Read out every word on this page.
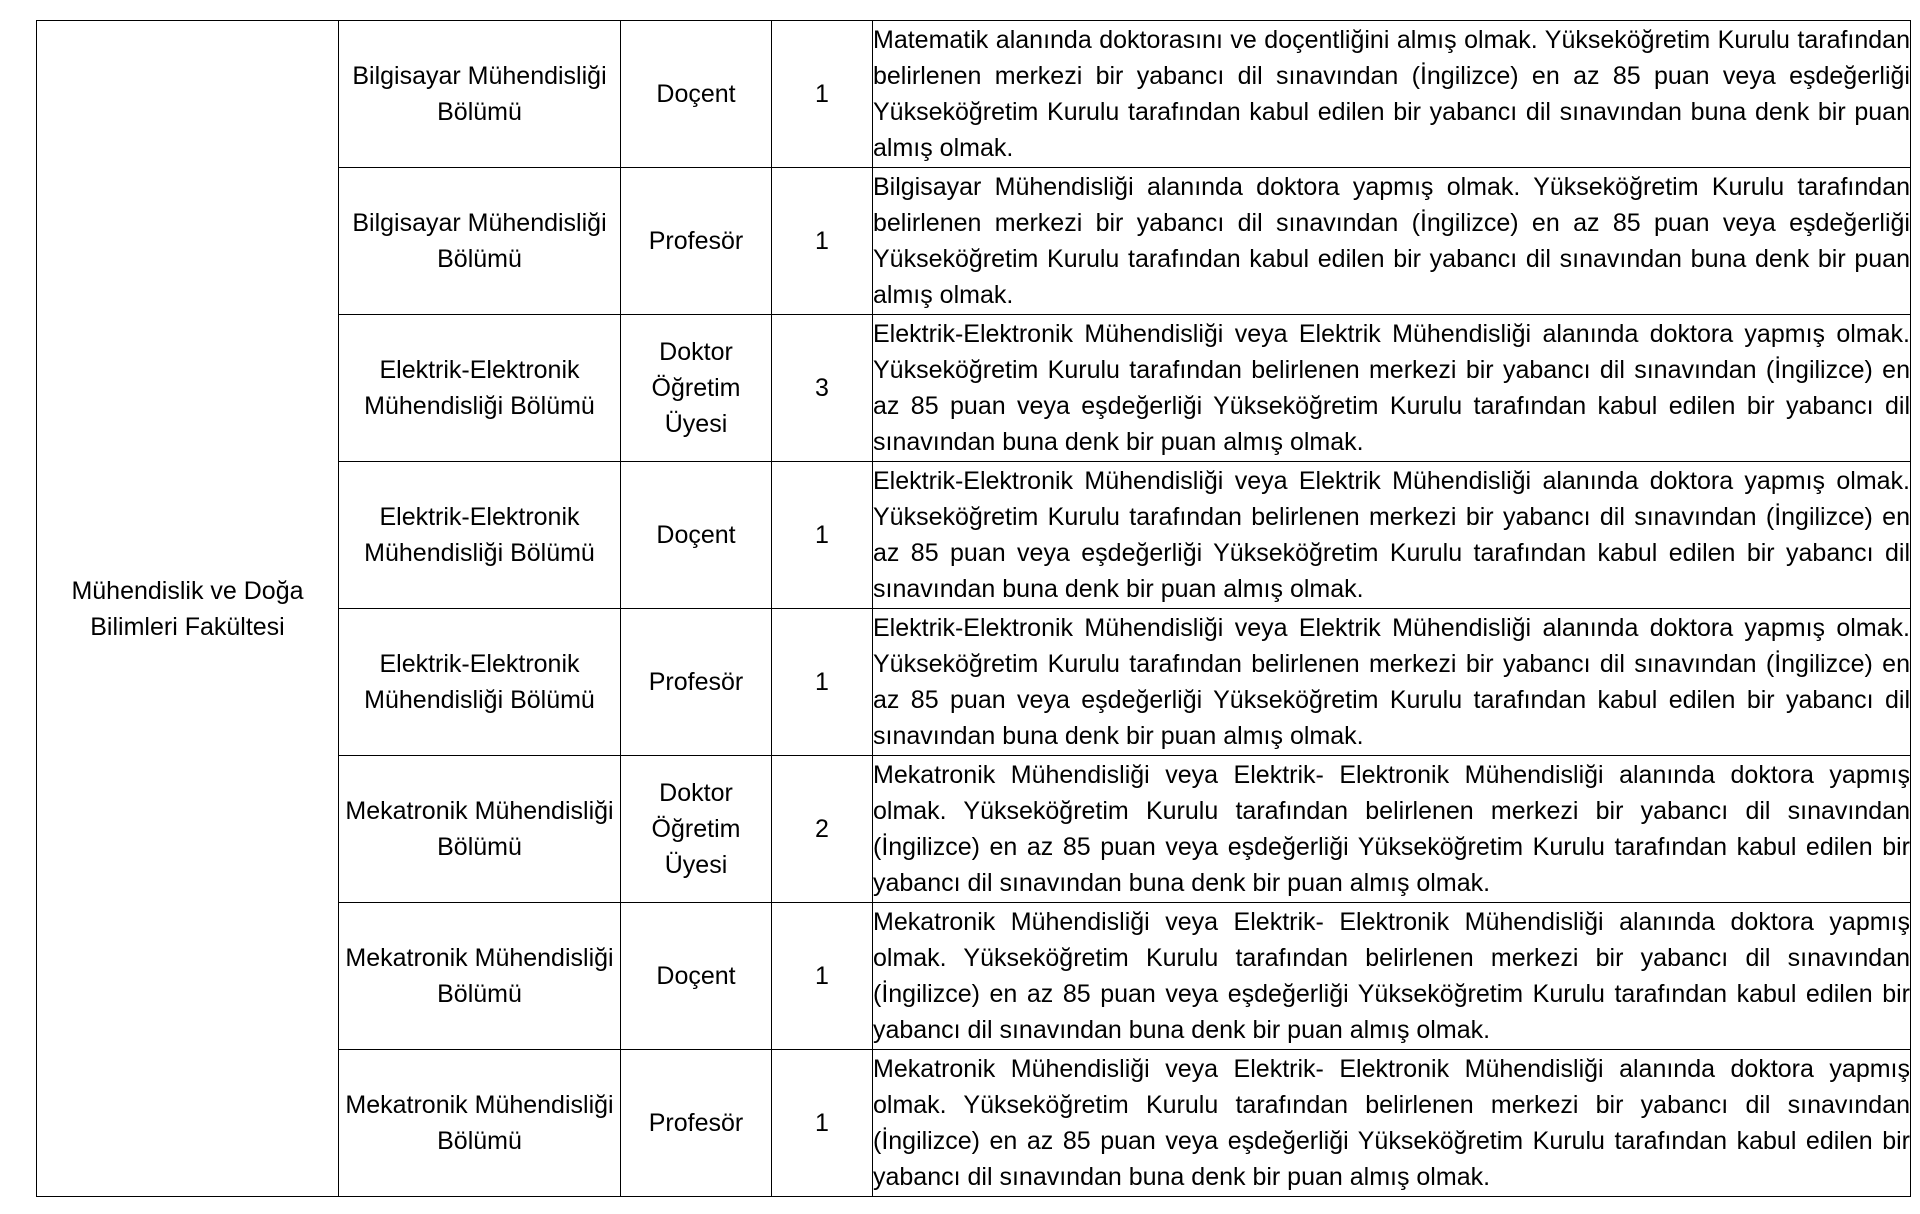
Mühendislik ve Doğa Bilimleri Fakültesi	Bilgisayar Mühendisliği Bölümü	Doçent	1	Matematik alanında doktorasını ve doçentliğini almış olmak. Yükseköğretim Kurulu tarafından belirlenen merkezi bir yabancı dil sınavından (İngilizce) en az 85 puan veya eşdeğerliği Yükseköğretim Kurulu tarafından kabul edilen bir yabancı dil sınavından buna denk bir puan almış olmak.
	Bilgisayar Mühendisliği Bölümü	Profesör	1	Bilgisayar Mühendisliği alanında doktora yapmış olmak. Yükseköğretim Kurulu tarafından belirlenen merkezi bir yabancı dil sınavından (İngilizce) en az 85 puan veya eşdeğerliği Yükseköğretim Kurulu tarafından kabul edilen bir yabancı dil sınavından buna denk bir puan almış olmak.
	Elektrik-Elektronik Mühendisliği Bölümü	Doktor Öğretim Üyesi	3	Elektrik-Elektronik Mühendisliği veya Elektrik Mühendisliği alanında doktora yapmış olmak. Yükseköğretim Kurulu tarafından belirlenen merkezi bir yabancı dil sınavından (İngilizce) en az 85 puan veya eşdeğerliği Yükseköğretim Kurulu tarafından kabul edilen bir yabancı dil sınavından buna denk bir puan almış olmak.
	Elektrik-Elektronik Mühendisliği Bölümü	Doçent	1	Elektrik-Elektronik Mühendisliği veya Elektrik Mühendisliği alanında doktora yapmış olmak. Yükseköğretim Kurulu tarafından belirlenen merkezi bir yabancı dil sınavından (İngilizce) en az 85 puan veya eşdeğerliği Yükseköğretim Kurulu tarafından kabul edilen bir yabancı dil sınavından buna denk bir puan almış olmak.
	Elektrik-Elektronik Mühendisliği Bölümü	Profesör	1	Elektrik-Elektronik Mühendisliği veya Elektrik Mühendisliği alanında doktora yapmış olmak. Yükseköğretim Kurulu tarafından belirlenen merkezi bir yabancı dil sınavından (İngilizce) en az 85 puan veya eşdeğerliği Yükseköğretim Kurulu tarafından kabul edilen bir yabancı dil sınavından buna denk bir puan almış olmak.
	Mekatronik Mühendisliği Bölümü	Doktor Öğretim Üyesi	2	Mekatronik Mühendisliği veya Elektrik- Elektronik Mühendisliği alanında doktora yapmış olmak. Yükseköğretim Kurulu tarafından belirlenen merkezi bir yabancı dil sınavından (İngilizce) en az 85 puan veya eşdeğerliği Yükseköğretim Kurulu tarafından kabul edilen bir yabancı dil sınavından buna denk bir puan almış olmak.
	Mekatronik Mühendisliği Bölümü	Doçent	1	Mekatronik Mühendisliği veya Elektrik- Elektronik Mühendisliği alanında doktora yapmış olmak. Yükseköğretim Kurulu tarafından belirlenen merkezi bir yabancı dil sınavından (İngilizce) en az 85 puan veya eşdeğerliği Yükseköğretim Kurulu tarafından kabul edilen bir yabancı dil sınavından buna denk bir puan almış olmak.
	Mekatronik Mühendisliği Bölümü	Profesör	1	Mekatronik Mühendisliği veya Elektrik- Elektronik Mühendisliği alanında doktora yapmış olmak. Yükseköğretim Kurulu tarafından belirlenen merkezi bir yabancı dil sınavından (İngilizce) en az 85 puan veya eşdeğerliği Yükseköğretim Kurulu tarafından kabul edilen bir yabancı dil sınavından buna denk bir puan almış olmak.
